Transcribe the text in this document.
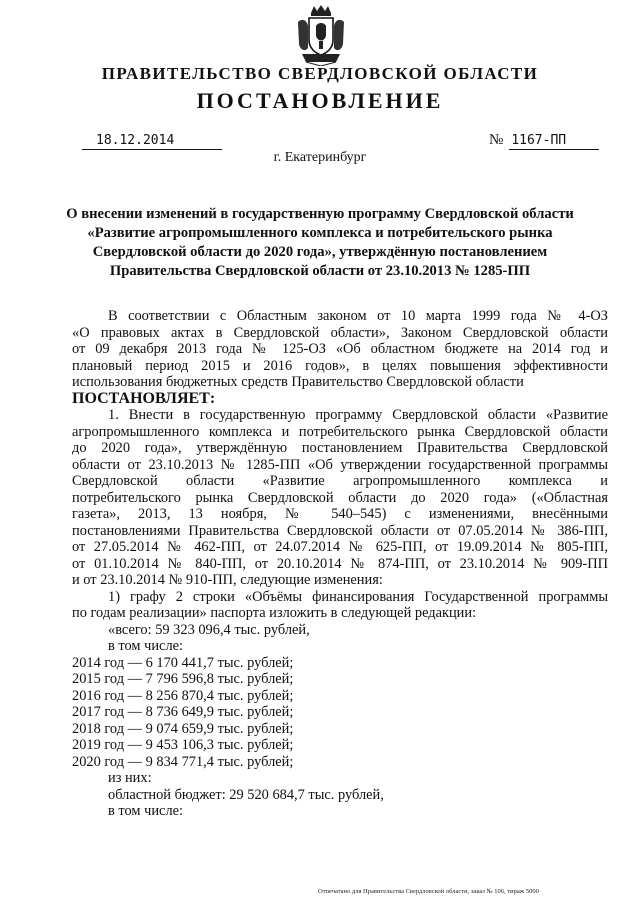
ПРАВИТЕЛЬСТВО СВЕРДЛОВСКОЙ ОБЛАСТИ
ПОСТАНОВЛЕНИЕ
18.12.2014	№ 1167-ПП
г. Екатеринбург
О внесении изменений в государственную программу Свердловской области
«Развитие агропромышленного комплекса и потребительского рынка
Свердловской области до 2020 года», утверждённую постановлением
Правительства Свердловской области от 23.10.2013 № 1285-ПП
В соответствии с Областным законом от 10 марта 1999 года № 4-ОЗ
«О правовых актах в Свердловской области», Законом Свердловской области
от 09 декабря 2013 года № 125-ОЗ «Об областном бюджете на 2014 год и
плановый период 2015 и 2016 годов», в целях повышения эффективности
использования бюджетных средств Правительство Свердловской области
ПОСТАНОВЛЯЕТ:
1. Внести в государственную программу Свердловской области «Развитие
агропромышленного комплекса и потребительского рынка Свердловской области
до 2020 года», утверждённую постановлением Правительства Свердловской
области от 23.10.2013 № 1285-ПП «Об утверждении государственной программы
Свердловской области «Развитие агропромышленного комплекса и
потребительского рынка Свердловской области до 2020 года» («Областная
газета», 2013, 13 ноября, № 540–545) с изменениями, внесёнными
постановлениями Правительства Свердловской области от 07.05.2014 № 386-ПП,
от 27.05.2014 № 462-ПП, от 24.07.2014 № 625-ПП, от 19.09.2014 № 805-ПП,
от 01.10.2014 № 840-ПП, от 20.10.2014 № 874-ПП, от 23.10.2014 № 909-ПП
и от 23.10.2014 № 910-ПП, следующие изменения:
1) графу 2 строки «Объёмы финансирования Государственной программы
по годам реализации» паспорта изложить в следующей редакции:
«всего: 59 323 096,4 тыс. рублей,
в том числе:
2014 год — 6 170 441,7 тыс. рублей;
2015 год — 7 796 596,8 тыс. рублей;
2016 год — 8 256 870,4 тыс. рублей;
2017 год — 8 736 649,9 тыс. рублей;
2018 год — 9 074 659,9 тыс. рублей;
2019 год — 9 453 106,3 тыс. рублей;
2020 год — 9 834 771,4 тыс. рублей;
из них:
областной бюджет: 29 520 684,7 тыс. рублей,
в том числе:
Отпечатано для Правительства Свердловской области, заказ № 106, тираж 5000
